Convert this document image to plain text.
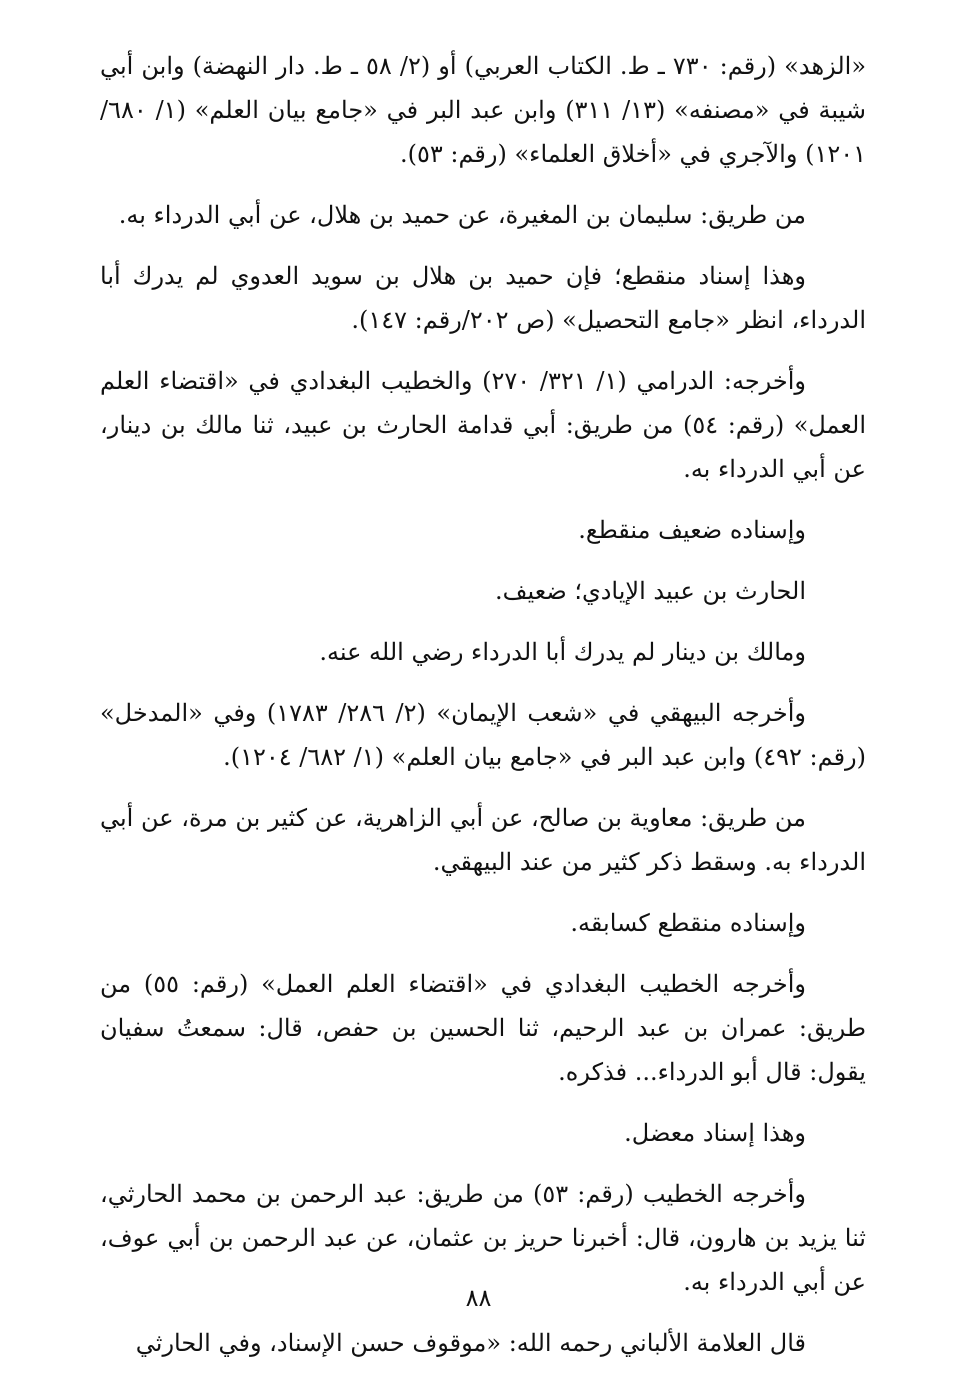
«الزهد» (رقم: ٧٣٠ ـ ط. الكتاب العربي) أو (٢/ ٥٨ ـ ط. دار النهضة) وابن أبي شيبة في «مصنفه» (١٣/ ٣١١) وابن عبد البر في «جامع بيان العلم» (١/ ٦٨٠/ ١٢٠١) والآجري في «أخلاق العلماء» (رقم: ٥٣).

من طريق: سليمان بن المغيرة، عن حميد بن هلال، عن أبي الدرداء به.

وهذا إسناد منقطع؛ فإن حميد بن هلال بن سويد العدوي لم يدرك أبا الدرداء، انظر «جامع التحصيل» (ص ٢٠٢/رقم: ١٤٧).

وأخرجه: الدرامي (١/ ٣٢١/ ٢٧٠) والخطيب البغدادي في «اقتضاء العلم العمل» (رقم: ٥٤) من طريق: أبي قدامة الحارث بن عبيد، ثنا مالك بن دينار، عن أبي الدرداء به.

وإسناده ضعيف منقطع.

الحارث بن عبيد الإيادي؛ ضعيف.

ومالك بن دينار لم يدرك أبا الدرداء رضي الله عنه.

وأخرجه البيهقي في «شعب الإيمان» (٢/ ٢٨٦/ ١٧٨٣) وفي «المدخل» (رقم: ٤٩٢) وابن عبد البر في «جامع بيان العلم» (١/ ٦٨٢/ ١٢٠٤).

من طريق: معاوية بن صالح، عن أبي الزاهرية، عن كثير بن مرة، عن أبي الدرداء به. وسقط ذكر كثير من عند البيهقي.

وإسناده منقطع كسابقه.

وأخرجه الخطيب البغدادي في «اقتضاء العلم العمل» (رقم: ٥٥) من طريق: عمران بن عبد الرحيم، ثنا الحسين بن حفص، قال: سمعتُ سفيان يقول: قال أبو الدرداء... فذكره.

وهذا إسناد معضل.

وأخرجه الخطيب (رقم: ٥٣) من طريق: عبد الرحمن بن محمد الحارثي، ثنا يزيد بن هارون، قال: أخبرنا حريز بن عثمان، عن عبد الرحمن بن أبي عوف، عن أبي الدرداء به.

قال العلامة الألباني رحمه الله: «موقوف حسن الإسناد، وفي الحارثي

٨٨
